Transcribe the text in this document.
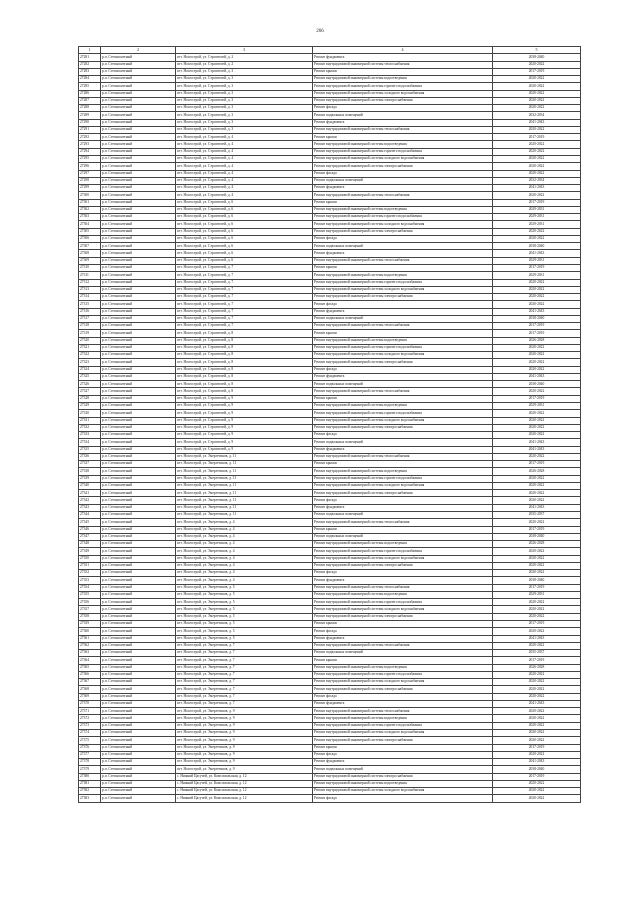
266
1	2	3	4	5
27281	р.п. Степноozerный	пгт. Ноwoстрой, ул. Строителей, д. 2	Ремонт фундамента	2038-2040
27282	р.п. Степноozerный	пгт. Ноwoстрой, ул. Строителей, д. 2	Ремонт внутридомовой инженерной системы теплоснабжения	2020-2022
27283	р.п. Степноozerный	пгт. Ноwoстрой, ул. Строителей, д. 3	Ремонт крыши	2017-2019
27284	р.п. Степноozerный	пгт. Ноwoстрой, ул. Строителей, д. 3	Ремонт внутридомовой инженерной системы водоотведения	2020-2022
27285	р.п. Степноozerный	пгт. Ноwoстрой, ул. Строителей, д. 3	Ремонт внутридомовой инженерной системы горячего водоснабжения	2020-2022
27286	р.п. Степноozerный	пгт. Ноwoстрой, ул. Строителей, д. 3	Ремонт внутридомовой инженерной системы холодного водоснабжения	2020-2022
27287	р.п. Степноozerный	пгт. Ноwoстрой, ул. Строителей, д. 3	Ремонт внутридомовой инженерной системы электроснабжения	2020-2022
27288	р.п. Степноozerный	пгт. Ноwoстрой, ул. Строителей, д. 3	Ремонт фасада	2020-2022
27289	р.п. Степноozerный	пгт. Ноwoстрой, ул. Строителей, д. 3	Ремонт подвальных помещений	2032-2034
27290	р.п. Степноozerный	пгт. Ноwoстрой, ул. Строителей, д. 3	Ремонт фундамента	2041-2043
27291	р.п. Степноozerный	пгт. Ноwoстрой, ул. Строителей, д. 3	Ремонт внутридомовой инженерной системы теплоснабжения	2020-2022
27292	р.п. Степноozerный	пгт. Ноwoстрой, ул. Строителей, д. 4	Ремонт крыши	2017-2019
27293	р.п. Степноozerный	пгт. Ноwoстрой, ул. Строителей, д. 4	Ремонт внутридомовой инженерной системы водоотведения	2020-2022
27294	р.п. Степноozerный	пгт. Ноwoстрой, ул. Строителей, д. 4	Ремонт внутридомовой инженерной системы горячего водоснабжения	2020-2022
27295	р.п. Степноozerный	пгт. Ноwoстрой, ул. Строителей, д. 4	Ремонт внутридомовой инженерной системы холодного водоснабжения	2020-2022
27296	р.п. Степноozerный	пгт. Ноwoстрой, ул. Строителей, д. 4	Ремонт внутридомовой инженерной системы электроснабжения	2020-2022
27297	р.п. Степноozerный	пгт. Ноwoстрой, ул. Строителей, д. 4	Ремонт фасада	2020-2022
27298	р.п. Степноozerный	пгт. Ноwoстрой, ул. Строителей, д. 4	Ремонт подвальных помещений	2032-2034
27299	р.п. Степноozerный	пгт. Ноwoстрой, ул. Строителей, д. 4	Ремонт фундамента	2041-2043
27300	р.п. Степноozerный	пгт. Ноwoстрой, ул. Строителей, д. 4	Ремонт внутридомовой инженерной системы теплоснабжения	2020-2022
27301	р.п. Степноozerный	пгт. Ноwoстрой, ул. Строителей, д. 6	Ремонт крыши	2017-2019
27302	р.п. Степноozerный	пгт. Ноwoстрой, ул. Строителей, д. 6	Ремонт внутридомовой инженерной системы водоотведения	2029-2031
27303	р.п. Степноozerный	пгт. Ноwoстрой, ул. Строителей, д. 6	Ремонт внутридомовой инженерной системы горячего водоснабжения	2029-2031
27304	р.п. Степноozerный	пгт. Ноwoстрой, ул. Строителей, д. 6	Ремонт внутридомовой инженерной системы холодного водоснабжения	2029-2031
27305	р.п. Степноozerный	пгт. Ноwoстрой, ул. Строителей, д. 6	Ремонт внутридомовой инженерной системы электроснабжения	2020-2022
27306	р.п. Степноozerный	пгт. Ноwoстрой, ул. Строителей, д. 6	Ремонт фасада	2020-2022
27307	р.п. Степноozerный	пгт. Ноwoстрой, ул. Строителей, д. 6	Ремонт подвальных помещений	2038-2040
27308	р.п. Степноozerный	пгт. Ноwoстрой, ул. Строителей, д. 6	Ремонт фундамента	2041-2043
27309	р.п. Степноozerный	пгт. Ноwoстрой, ул. Строителей, д. 6	Ремонт внутридомовой инженерной системы теплоснабжения	2029-2031
27310	р.п. Степноozerный	пгт. Ноwoстрой, ул. Строителей, д. 7	Ремонт крыши	2017-2019
27311	р.п. Степноozerный	пгт. Ноwoстрой, ул. Строителей, д. 7	Ремонт внутридомовой инженерной системы водоотведения	2029-2031
27312	р.п. Степноozerный	пгт. Ноwoстрой, ул. Строителей, д. 7	Ремонт внутридомовой инженерной системы горячего водоснабжения	2020-2022
27313	р.п. Степноozerный	пгт. Ноwoстрой, ул. Строителей, д. 7	Ремонт внутридомовой инженерной системы холодного водоснабжения	2020-2022
27314	р.п. Степноozerный	пгт. Ноwoстрой, ул. Строителей, д. 7	Ремонт внутридомовой инженерной системы электроснабжения	2020-2022
27315	р.п. Степноozerный	пгт. Ноwoстрой, ул. Строителей, д. 7	Ремонт фасада	2020-2022
27316	р.п. Степноozerный	пгт. Ноwoстрой, ул. Строителей, д. 7	Ремонт фундамента	2041-2043
27317	р.п. Степноozerный	пгт. Ноwoстрой, ул. Строителей, д. 7	Ремонт подвальных помещений	2038-2040
27318	р.п. Степноozerный	пгт. Ноwoстрой, ул. Строителей, д. 7	Ремонт внутридомовой инженерной системы теплоснабжения	2017-2019
27319	р.п. Степноozerный	пгт. Ноwoстрой, ул. Строителей, д. 8	Ремонт крыши	2017-2019
27320	р.п. Степноozerный	пгт. Ноwoстрой, ул. Строителей, д. 8	Ремонт внутридомовой инженерной системы водоотведения	2026-2028
27321	р.п. Степноozerный	пгт. Ноwoстрой, ул. Строителей, д. 8	Ремонт внутридомовой инженерной системы горячего водоснабжения	2020-2022
27322	р.п. Степноozerный	пгт. Ноwoстрой, ул. Строителей, д. 8	Ремонт внутридомовой инженерной системы холодного водоснабжения	2020-2022
27323	р.п. Степноozerный	пгт. Ноwoстрой, ул. Строителей, д. 8	Ремонт внутридомовой инженерной системы электроснабжения	2020-2022
27324	р.п. Степноozerный	пгт. Ноwoстрой, ул. Строителей, д. 8	Ремонт фасада	2020-2022
27325	р.п. Степноozerный	пгт. Ноwoстрой, ул. Строителей, д. 8	Ремонт фундамента	2041-2043
27326	р.п. Степноozerный	пгт. Ноwoстрой, ул. Строителей, д. 8	Ремонт подвальных помещений	2038-2040
27327	р.п. Степноozerный	пгт. Ноwoстрой, ул. Строителей, д. 8	Ремонт внутридомовой инженерной системы теплоснабжения	2020-2022
27328	р.п. Степноozerный	пгт. Ноwoстрой, ул. Строителей, д. 9	Ремонт крыши	2017-2019
27329	р.п. Степноozerный	пгт. Ноwoстрой, ул. Строителей, д. 9	Ремонт внутридомовой инженерной системы водоотведения	2029-2031
27330	р.п. Степноozerный	пгт. Ноwoстрой, ул. Строителей, д. 9	Ремонт внутридомовой инженерной системы горячего водоснабжения	2020-2022
27331	р.п. Степноozerный	пгт. Ноwoстрой, ул. Строителей, д. 9	Ремонт внутридомовой инженерной системы холодного водоснабжения	2020-2022
27332	р.п. Степноozerный	пгт. Ноwoстрой, ул. Строителей, д. 9	Ремонт внутридомовой инженерной системы электроснабжения	2020-2022
27333	р.п. Степноozerный	пгт. Ноwoстрой, ул. Строителей, д. 9	Ремонт фасада	2020-2022
27334	р.п. Степноozerный	пгт. Ноwoстрой, ул. Строителей, д. 9	Ремонт подвальных помещений	2041-2043
27335	р.п. Степноozerный	пгт. Ноwoстрой, ул. Строителей, д. 9	Ремонт фундамента	2041-2043
27336	р.п. Степноozerный	пгт. Ноwoстрой, ул. Энергетиков, д. 11	Ремонт внутридомовой инженерной системы теплоснабжения	2020-2022
27337	р.п. Степноozerный	пгт. Ноwoстрой, ул. Энергетиков, д. 11	Ремонт крыши	2017-2019
27338	р.п. Степноozerный	пгт. Ноwoстрой, ул. Энергетиков, д. 11	Ремонт внутридомовой инженерной системы водоотведения	2026-2028
27339	р.п. Степноozerный	пгт. Ноwoстрой, ул. Энергетиков, д. 11	Ремонт внутридомовой инженерной системы горячего водоснабжения	2020-2022
27340	р.п. Степноozerный	пгт. Ноwoстрой, ул. Энергетиков, д. 11	Ремонт внутридомовой инженерной системы холодного водоснабжения	2020-2022
27341	р.п. Степноozerный	пгт. Ноwoстрой, ул. Энергетиков, д. 11	Ремонт внутридомовой инженерной системы электроснабжения	2020-2022
27342	р.п. Степноozerный	пгт. Ноwoстрой, ул. Энергетиков, д. 11	Ремонт фасада	2020-2022
27343	р.п. Степноozerный	пгт. Ноwoстрой, ул. Энергетиков, д. 11	Ремонт фундамента	2041-2043
27344	р.п. Степноozerный	пгт. Ноwoстрой, ул. Энергетиков, д. 11	Ремонт подвальных помещений	2035-2037
27345	р.п. Степноozerный	пгт. Ноwoстрой, ул. Энергетиков, д. 4	Ремонт внутридомовой инженерной системы теплоснабжения	2020-2022
27346	р.п. Степноozerный	пгт. Ноwoстрой, ул. Энергетиков, д. 4	Ремонт крыши	2017-2019
27347	р.п. Степноozerный	пгт. Ноwoстрой, ул. Энергетиков, д. 4	Ремонт подвальных помещений	2038-2040
27348	р.п. Степноozerный	пгт. Ноwoстрой, ул. Энергетиков, д. 4	Ремонт внутридомовой инженерной системы водоотведения	2026-2028
27349	р.п. Степноozerный	пгт. Ноwoстрой, ул. Энергетиков, д. 4	Ремонт внутридомовой инженерной системы горячего водоснабжения	2020-2022
27350	р.п. Степноozerный	пгт. Ноwoстрой, ул. Энергетиков, д. 4	Ремонт внутридомовой инженерной системы холодного водоснабжения	2020-2022
27351	р.п. Степноozerный	пгт. Ноwoстрой, ул. Энергетиков, д. 4	Ремонт внутридомовой инженерной системы электроснабжения	2020-2022
27352	р.п. Степноozerный	пгт. Ноwoстрой, ул. Энергетиков, д. 4	Ремонт фасада	2020-2022
27353	р.п. Степноozerный	пгт. Ноwoстрой, ул. Энергетиков, д. 4	Ремонт фундамента	2038-2040
27354	р.п. Степноozerный	пгт. Ноwoстрой, ул. Энергетиков, д. 5	Ремонт внутридомовой инженерной системы теплоснабжения	2017-2019
27355	р.п. Степноozerный	пгт. Ноwoстрой, ул. Энергетиков, д. 5	Ремонт внутридомовой инженерной системы водоотведения	2029-2031
27356	р.п. Степноozerный	пгт. Ноwoстрой, ул. Энергетиков, д. 5	Ремонт внутридомовой инженерной системы горячего водоснабжения	2020-2022
27357	р.п. Степноozerный	пгт. Ноwoстрой, ул. Энергетиков, д. 5	Ремонт внутридомовой инженерной системы холодного водоснабжения	2020-2022
27358	р.п. Степноozerный	пгт. Ноwoстрой, ул. Энергетиков, д. 5	Ремонт внутридомовой инженерной системы электроснабжения	2020-2022
27359	р.п. Степноozerный	пгт. Ноwoстрой, ул. Энергетиков, д. 5	Ремонт крыши	2017-2019
27360	р.п. Степноozerный	пгт. Ноwoстрой, ул. Энергетиков, д. 5	Ремонт фасада	2020-2022
27361	р.п. Степноozerный	пгт. Ноwoстрой, ул. Энергетиков, д. 5	Ремонт фундамента	2041-2043
27362	р.п. Степноozerный	пгт. Ноwoстрой, ул. Энергетиков, д. 7	Ремонт внутридомовой инженерной системы теплоснабжения	2020-2022
27363	р.п. Степноozerный	пгт. Ноwoстрой, ул. Энергетиков, д. 7	Ремонт подвальных помещений	2035-2037
27364	р.п. Степноozerный	пгт. Ноwoстрой, ул. Энергетиков, д. 7	Ремонт крыши	2017-2019
27365	р.п. Степноozerный	пгт. Ноwoстрой, ул. Энергетиков, д. 7	Ремонт внутридомовой инженерной системы водоотведения	2026-2028
27366	р.п. Степноozerный	пгт. Ноwoстрой, ул. Энергетиков, д. 7	Ремонт внутридомовой инженерной системы горячего водоснабжения	2020-2022
27367	р.п. Степноozerный	пгт. Ноwoстрой, ул. Энергетиков, д. 7	Ремонт внутридомовой инженерной системы холодного водоснабжения	2020-2022
27368	р.п. Степноozerный	пгт. Ноwoстрой, ул. Энергетиков, д. 7	Ремонт внутридомовой инженерной системы электроснабжения	2020-2022
27369	р.п. Степноozerный	пгт. Ноwoстрой, ул. Энергетиков, д. 7	Ремонт фасада	2020-2022
27370	р.п. Степноozerный	пгт. Ноwoстрой, ул. Энергетиков, д. 7	Ремонт фундамента	2041-2043
27371	р.п. Степноozerный	пгт. Ноwoстрой, ул. Энергетиков, д. 9	Ремонт внутридомовой инженерной системы теплоснабжения	2020-2022
27372	р.п. Степноozerный	пгт. Ноwoстрой, ул. Энергетиков, д. 9	Ремонт внутридомовой инженерной системы водоотведения	2020-2022
27373	р.п. Степноozerный	пгт. Ноwoстрой, ул. Энергетиков, д. 9	Ремонт внутридомовой инженерной системы горячего водоснабжения	2020-2022
27374	р.п. Степноozerный	пгт. Ноwoстрой, ул. Энергетиков, д. 9	Ремонт внутридомовой инженерной системы холодного водоснабжения	2020-2022
27375	р.п. Степноozerный	пгт. Ноwoстрой, ул. Энергетиков, д. 9	Ремонт внутридомовой инженерной системы электроснабжения	2020-2022
27376	р.п. Степноozerный	пгт. Ноwoстрой, ул. Энергетиков, д. 9	Ремонт крыши	2017-2019
27377	р.п. Степноozerный	пгт. Ноwoстрой, ул. Энергетиков, д. 9	Ремонт фасада	2020-2022
27378	р.п. Степноozerный	пгт. Ноwoстрой, ул. Энергетиков, д. 9	Ремонт фундамента	2041-2043
27379	р.п. Степноozerный	пгт. Ноwoстрой, ул. Энергетиков, д. 9	Ремонт подвальных помещений	2038-2040
27380	р.п. Степноozerный	с. Нижний Цасучей, ул. Комсомольская, д. 12	Ремонт внутридомовой инженерной системы электроснабжения	2017-2019
27381	р.п. Степноozerный	с. Нижний Цасучей, ул. Комсомольская, д. 12	Ремонт внутридомовой инженерной системы водоотведения	2020-2022
27382	р.п. Степноozerный	с. Нижний Цасучей, ул. Комсомольская, д. 12	Ремонт внутридомовой инженерной системы холодного водоснабжения	2020-2022
27383	р.п. Степноozerный	с. Нижний Цасучей, ул. Комсомольская, д. 12	Ремонт фасада	2020-2022
